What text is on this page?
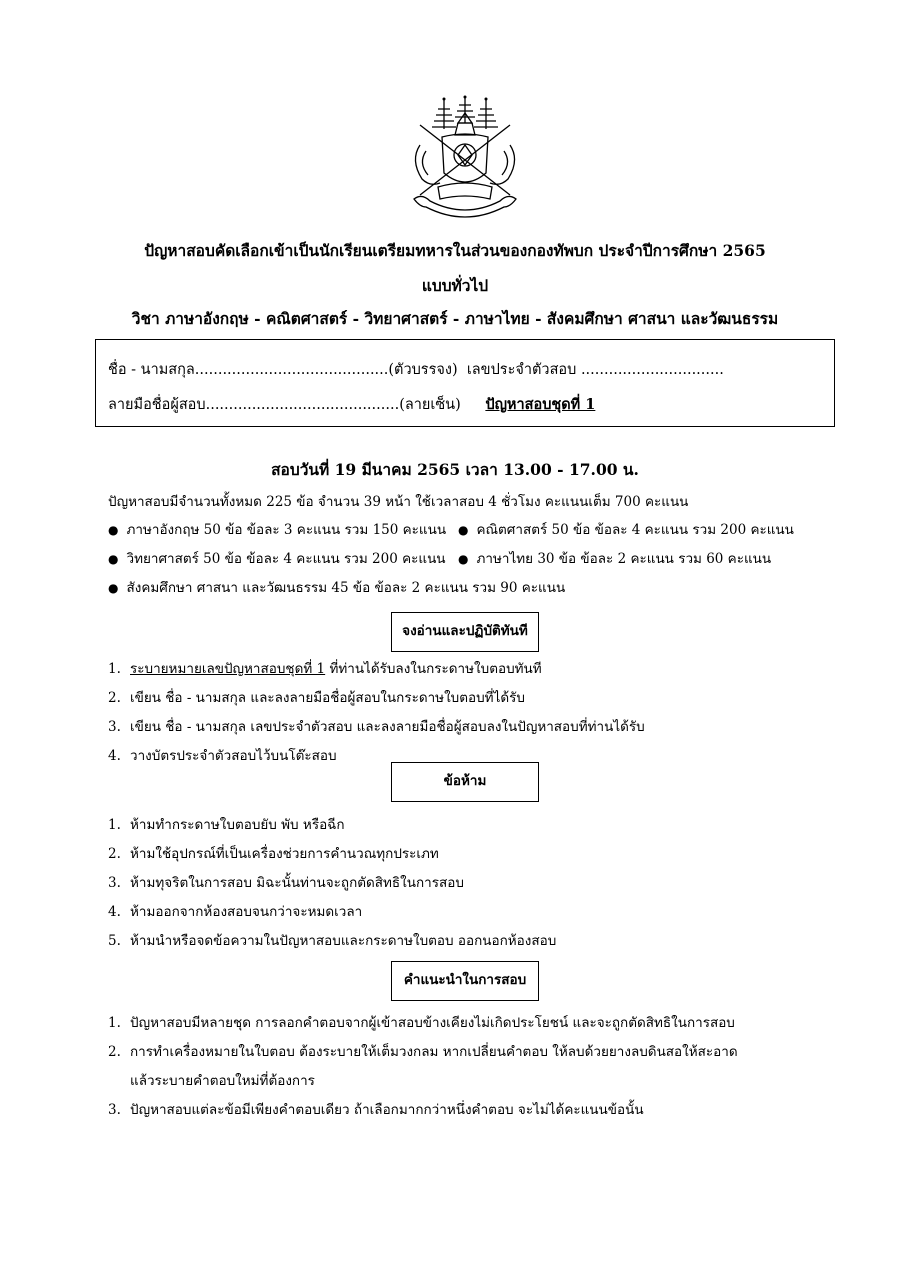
ปัญหาสอบคัดเลือกเข้าเป็นนักเรียนเตรียมทหารในส่วนของกองทัพบก ประจำปีการศึกษา 2565
แบบทั่วไป
วิชา ภาษาอังกฤษ - คณิตศาสตร์ - วิทยาศาสตร์ - ภาษาไทย - สังคมศึกษา ศาสนา และวัฒนธรรม
ชื่อ - นามสกุล..........................................(ตัวบรรจง) เลขประจำตัวสอบ ...............................
ลายมือชื่อผู้สอบ..........................................(ลายเซ็น) ปัญหาสอบชุดที่ 1
สอบวันที่ 19 มีนาคม 2565 เวลา 13.00 - 17.00 น.
ปัญหาสอบมีจำนวนทั้งหมด 225 ข้อ จำนวน 39 หน้า ใช้เวลาสอบ 4 ชั่วโมง คะแนนเต็ม 700 คะแนน
● ภาษาอังกฤษ 50 ข้อ ข้อละ 3 คะแนน รวม 150 คะแนน ● คณิตศาสตร์ 50 ข้อ ข้อละ 4 คะแนน รวม 200 คะแนน
● วิทยาศาสตร์ 50 ข้อ ข้อละ 4 คะแนน รวม 200 คะแนน ● ภาษาไทย 30 ข้อ ข้อละ 2 คะแนน รวม 60 คะแนน
● สังคมศึกษา ศาสนา และวัฒนธรรม 45 ข้อ ข้อละ 2 คะแนน รวม 90 คะแนน
จงอ่านและปฏิบัติทันที
1. ระบายหมายเลขปัญหาสอบชุดที่ 1 ที่ท่านได้รับลงในกระดาษใบตอบทันที
2. เขียน ชื่อ - นามสกุล และลงลายมือชื่อผู้สอบในกระดาษใบตอบที่ได้รับ
3. เขียน ชื่อ - นามสกุล เลขประจำตัวสอบ และลงลายมือชื่อผู้สอบลงในปัญหาสอบที่ท่านได้รับ
4. วางบัตรประจำตัวสอบไว้บนโต๊ะสอบ
ข้อห้าม
1. ห้ามทำกระดาษใบตอบยับ พับ หรือฉีก
2. ห้ามใช้อุปกรณ์ที่เป็นเครื่องช่วยการคำนวณทุกประเภท
3. ห้ามทุจริตในการสอบ มิฉะนั้นท่านจะถูกตัดสิทธิในการสอบ
4. ห้ามออกจากห้องสอบจนกว่าจะหมดเวลา
5. ห้ามนำหรือจดข้อความในปัญหาสอบและกระดาษใบตอบ ออกนอกห้องสอบ
คำแนะนำในการสอบ
1. ปัญหาสอบมีหลายชุด การลอกคำตอบจากผู้เข้าสอบข้างเคียงไม่เกิดประโยชน์ และจะถูกตัดสิทธิในการสอบ
2. การทำเครื่องหมายในใบตอบ ต้องระบายให้เต็มวงกลม หากเปลี่ยนคำตอบ ให้ลบด้วยยางลบดินสอให้สะอาด
แล้วระบายคำตอบใหม่ที่ต้องการ
3. ปัญหาสอบแต่ละข้อมีเพียงคำตอบเดียว ถ้าเลือกมากกว่าหนึ่งคำตอบ จะไม่ได้คะแนนข้อนั้น
